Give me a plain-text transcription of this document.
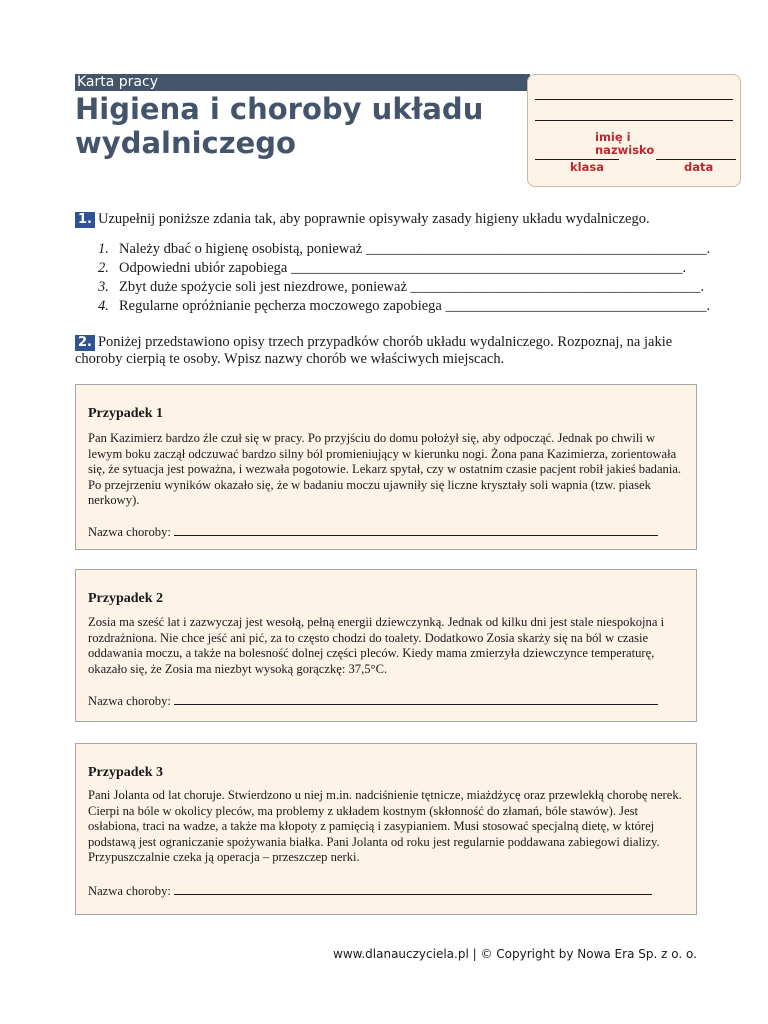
Karta pracy
Higiena i choroby układu wydalniczego	imię i nazwisko
klasa	data
1. Uzupełnij poniższe zdania tak, aby poprawnie opisywały zasady higieny układu wydalniczego.
1. Należy dbać o higienę osobistą, ponieważ _______________________________________________.
2. Odpowiedni ubiór zapobiega ______________________________________________________.
3. Zbyt duże spożycie soli jest niezdrowe, ponieważ ________________________________________.
4. Regularne opróżnianie pęcherza moczowego zapobiega ____________________________________.
2. Poniżej przedstawiono opisy trzech przypadków chorób układu wydalniczego. Rozpoznaj, na jakie choroby cierpią te osoby. Wpisz nazwy chorób we właściwych miejscach.
Przypadek 1
Pan Kazimierz bardzo źle czuł się w pracy. Po przyjściu do domu położył się, aby odpocząć. Jednak po chwili w lewym boku zaczął odczuwać bardzo silny ból promieniujący w kierunku nogi. Żona pana Kazimierza, zorientowała się, że sytuacja jest poważna, i wezwała pogotowie. Lekarz spytał, czy w ostatnim czasie pacjent robił jakieś badania. Po przejrzeniu wyników okazało się, że w badaniu moczu ujawniły się liczne kryształy soli wapnia (tzw. piasek nerkowy).
Nazwa choroby:
Przypadek 2
Zosia ma sześć lat i zazwyczaj jest wesołą, pełną energii dziewczynką. Jednak od kilku dni jest stale niespokojna i rozdrażniona. Nie chce jeść ani pić, za to często chodzi do toalety. Dodatkowo Zosia skarży się na ból w czasie oddawania moczu, a także na bolesność dolnej części pleców. Kiedy mama zmierzyła dziewczynce temperaturę, okazało się, że Zosia ma niezbyt wysoką gorączkę: 37,5°C.
Nazwa choroby:
Przypadek 3
Pani Jolanta od lat choruje. Stwierdzono u niej m.in. nadciśnienie tętnicze, miażdżycę oraz przewlekłą chorobę nerek. Cierpi na bóle w okolicy pleców, ma problemy z układem kostnym (skłonność do złamań, bóle stawów). Jest osłabiona, traci na wadze, a także ma kłopoty z pamięcią i zasypianiem. Musi stosować specjalną dietę, w której podstawą jest ograniczanie spożywania białka. Pani Jolanta od roku jest regularnie poddawana zabiegowi dializy. Przypuszczalnie czeka ją operacja – przeszczep nerki.
Nazwa choroby:
www.dlanauczyciela.pl | © Copyright by Nowa Era Sp. z o. o.
